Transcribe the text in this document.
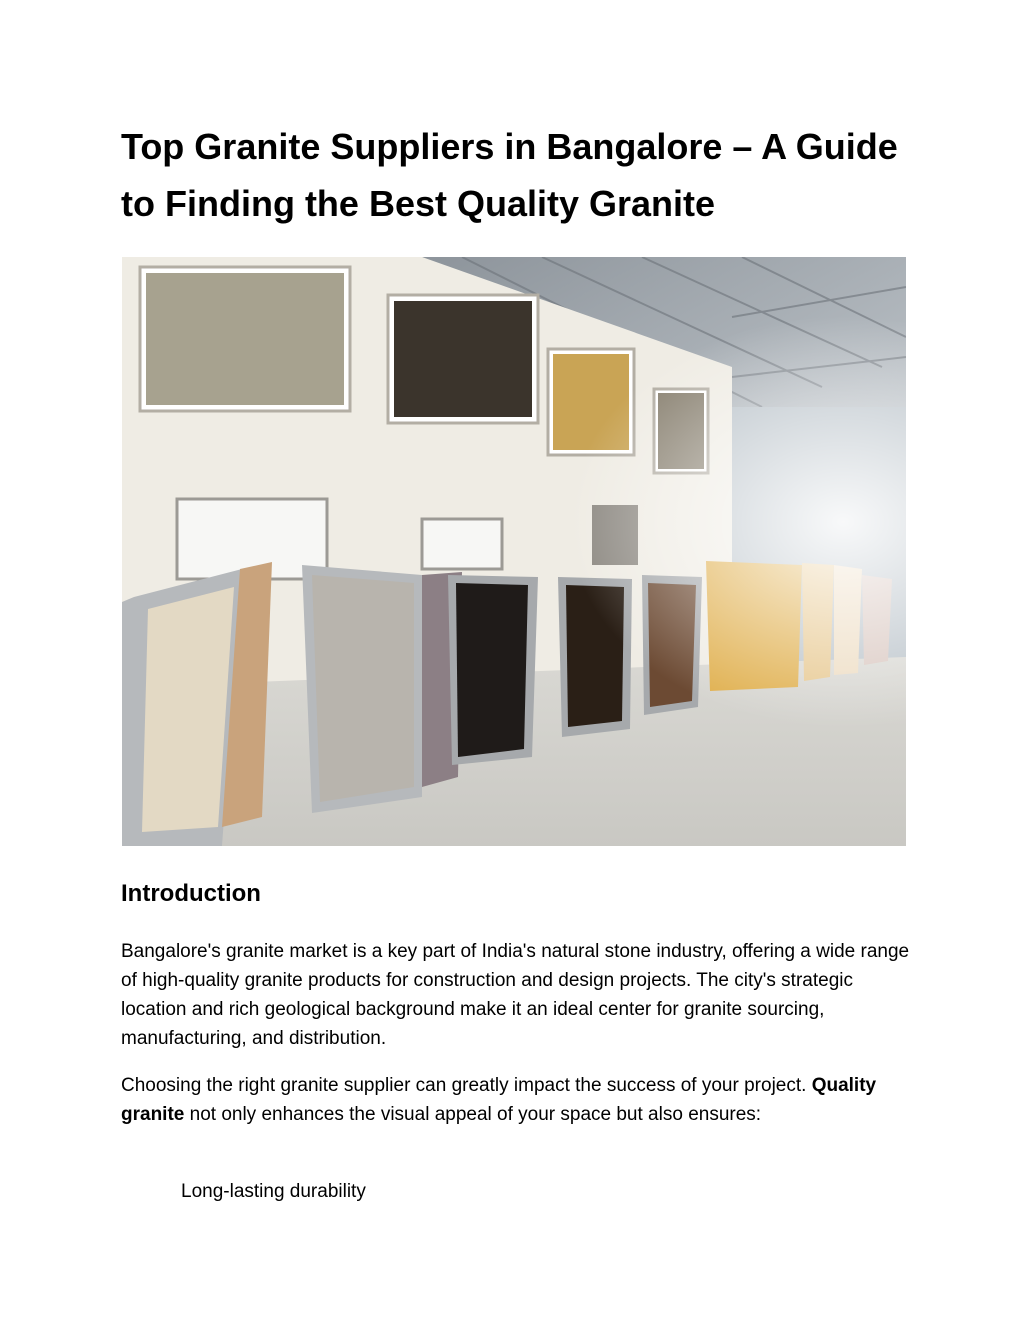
Top Granite Suppliers in Bangalore – A Guide to Finding the Best Quality Granite
Introduction

Bangalore's granite market is a key part of India's natural stone industry, offering a wide range of high-quality granite products for construction and design projects. The city's strategic location and rich geological background make it an ideal center for granite sourcing, manufacturing, and distribution.

Choosing the right granite supplier can greatly impact the success of your project. Quality granite not only enhances the visual appeal of your space but also ensures:

Long-lasting durability
